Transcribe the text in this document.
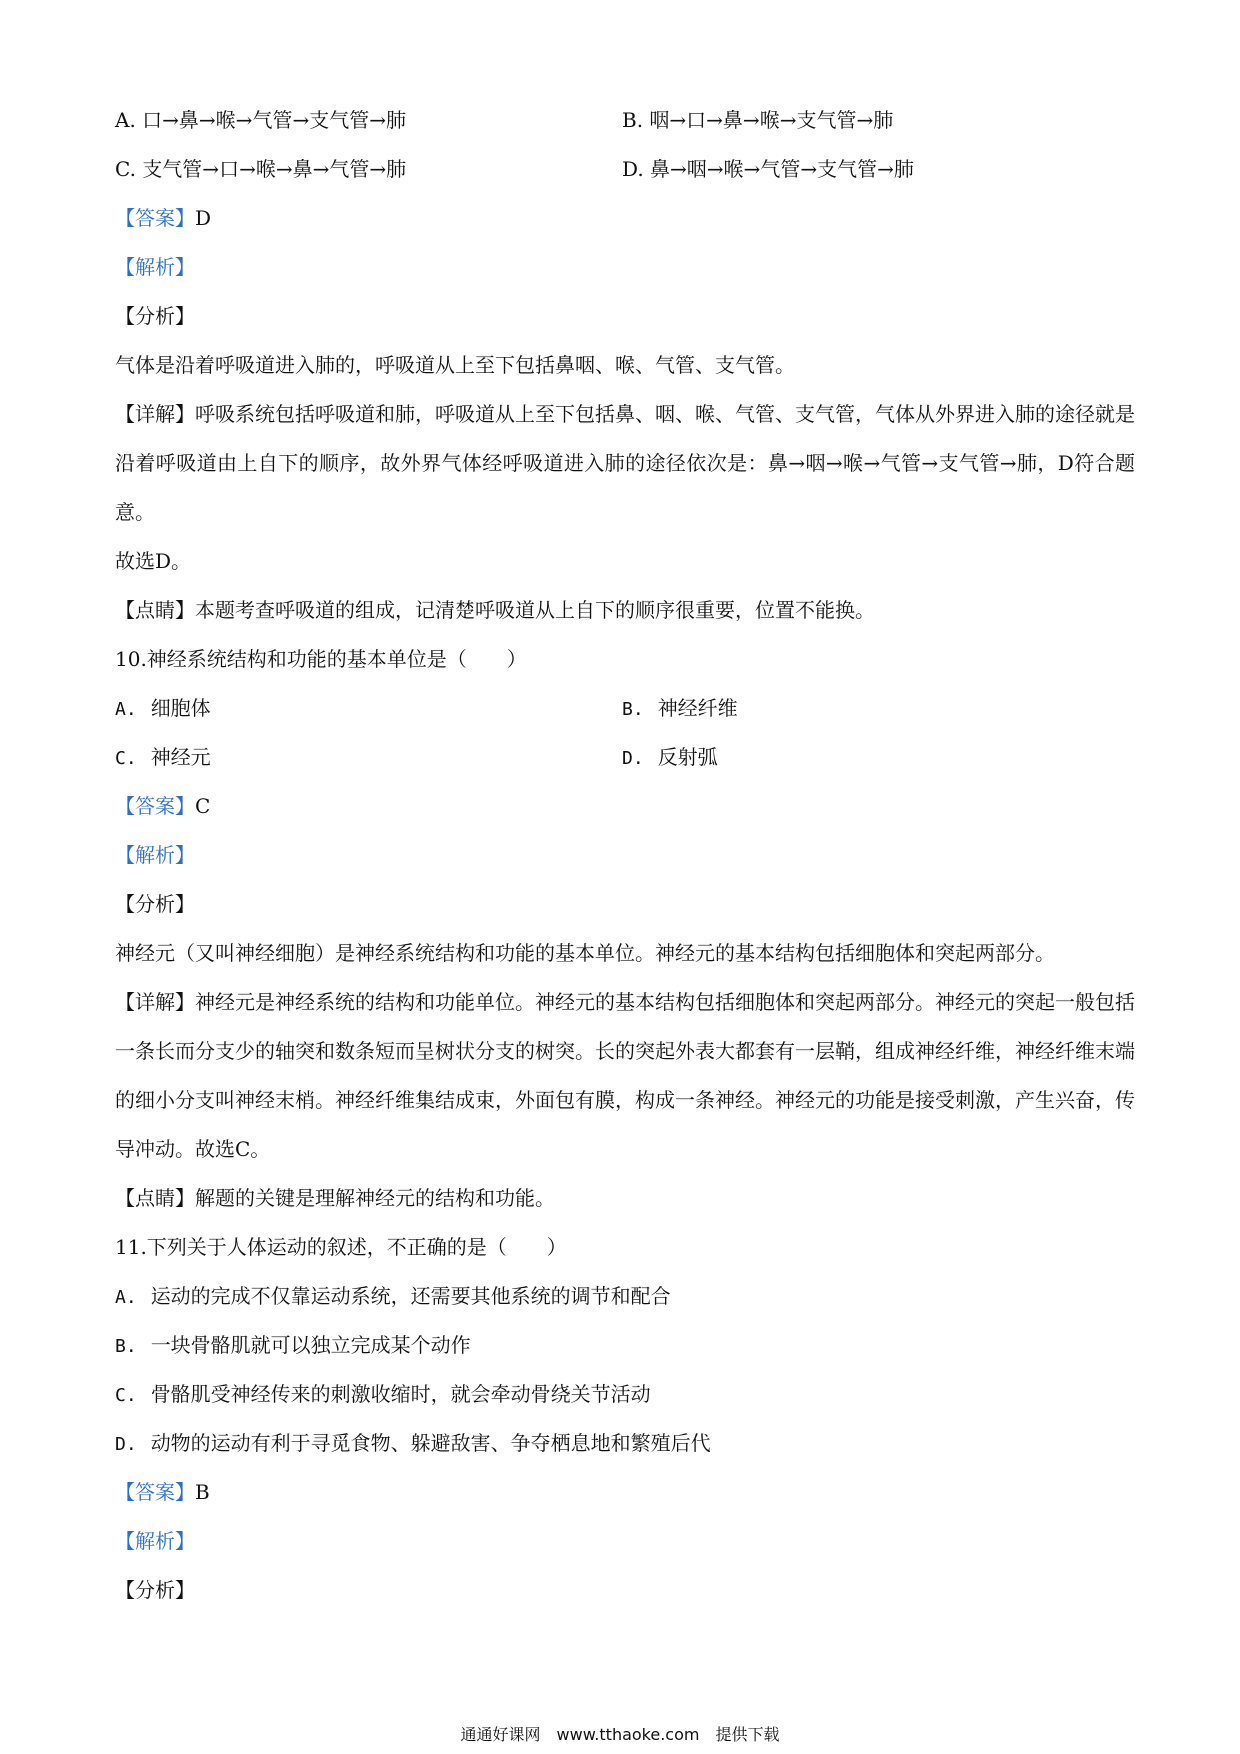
A. 口→鼻→喉→气管→支气管→肺	B. 咽→口→鼻→喉→支气管→肺
C. 支气管→口→喉→鼻→气管→肺	D. 鼻→咽→喉→气管→支气管→肺
【答案】D
【解析】
【分析】
气体是沿着呼吸道进入肺的，呼吸道从上至下包括鼻咽、喉、气管、支气管。
【详解】呼吸系统包括呼吸道和肺，呼吸道从上至下包括鼻、咽、喉、气管、支气管，气体从外界进入肺的途径就是沿着呼吸道由上自下的顺序，故外界气体经呼吸道进入肺的途径依次是：鼻→咽→喉→气管→支气管→肺，D符合题意。
故选D。
【点睛】本题考查呼吸道的组成，记清楚呼吸道从上自下的顺序很重要，位置不能换。
10.神经系统结构和功能的基本单位是（　　）
A. 细胞体	B. 神经纤维
C. 神经元	D. 反射弧
【答案】C
【解析】
【分析】
神经元（又叫神经细胞）是神经系统结构和功能的基本单位。神经元的基本结构包括细胞体和突起两部分。
【详解】神经元是神经系统的结构和功能单位。神经元的基本结构包括细胞体和突起两部分。神经元的突起一般包括一条长而分支少的轴突和数条短而呈树状分支的树突。长的突起外表大都套有一层鞘，组成神经纤维，神经纤维末端的细小分支叫神经末梢。神经纤维集结成束，外面包有膜，构成一条神经。神经元的功能是接受刺激，产生兴奋，传导冲动。故选C。
【点睛】解题的关键是理解神经元的结构和功能。
11.下列关于人体运动的叙述，不正确的是（　　）
A. 运动的完成不仅靠运动系统，还需要其他系统的调节和配合
B. 一块骨骼肌就可以独立完成某个动作
C. 骨骼肌受神经传来的刺激收缩时，就会牵动骨绕关节活动
D. 动物的运动有利于寻觅食物、躲避敌害、争夺栖息地和繁殖后代
【答案】B
【解析】
【分析】
通通好课网　www.tthaoke.com　提供下载
